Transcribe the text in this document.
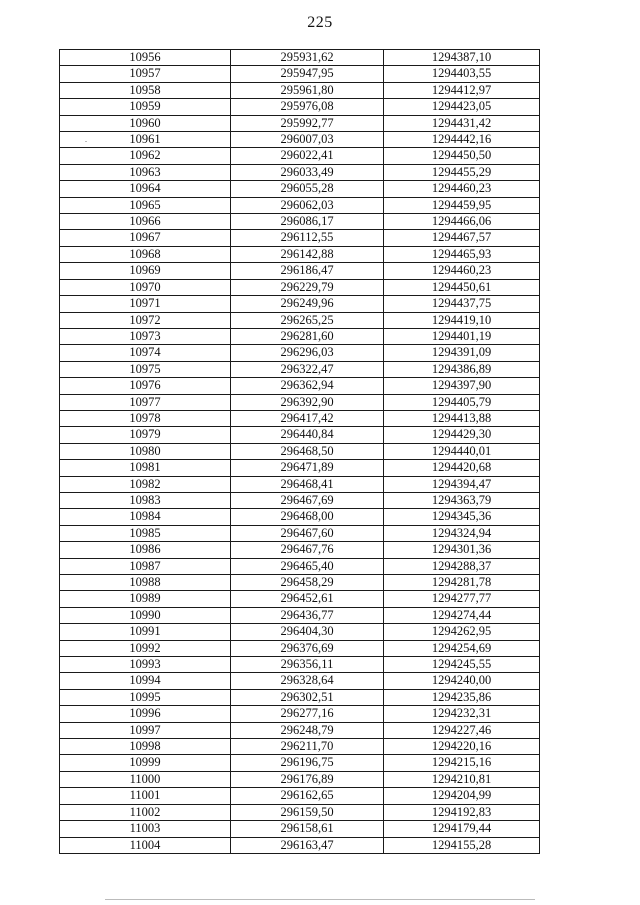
225
10956	295931,62	1294387,10
10957	295947,95	1294403,55
10958	295961,80	1294412,97
10959	295976,08	1294423,05
10960	295992,77	1294431,42
10961	296007,03	1294442,16
10962	296022,41	1294450,50
10963	296033,49	1294455,29
10964	296055,28	1294460,23
10965	296062,03	1294459,95
10966	296086,17	1294466,06
10967	296112,55	1294467,57
10968	296142,88	1294465,93
10969	296186,47	1294460,23
10970	296229,79	1294450,61
10971	296249,96	1294437,75
10972	296265,25	1294419,10
10973	296281,60	1294401,19
10974	296296,03	1294391,09
10975	296322,47	1294386,89
10976	296362,94	1294397,90
10977	296392,90	1294405,79
10978	296417,42	1294413,88
10979	296440,84	1294429,30
10980	296468,50	1294440,01
10981	296471,89	1294420,68
10982	296468,41	1294394,47
10983	296467,69	1294363,79
10984	296468,00	1294345,36
10985	296467,60	1294324,94
10986	296467,76	1294301,36
10987	296465,40	1294288,37
10988	296458,29	1294281,78
10989	296452,61	1294277,77
10990	296436,77	1294274,44
10991	296404,30	1294262,95
10992	296376,69	1294254,69
10993	296356,11	1294245,55
10994	296328,64	1294240,00
10995	296302,51	1294235,86
10996	296277,16	1294232,31
10997	296248,79	1294227,46
10998	296211,70	1294220,16
10999	296196,75	1294215,16
11000	296176,89	1294210,81
11001	296162,65	1294204,99
11002	296159,50	1294192,83
11003	296158,61	1294179,44
11004	296163,47	1294155,28
